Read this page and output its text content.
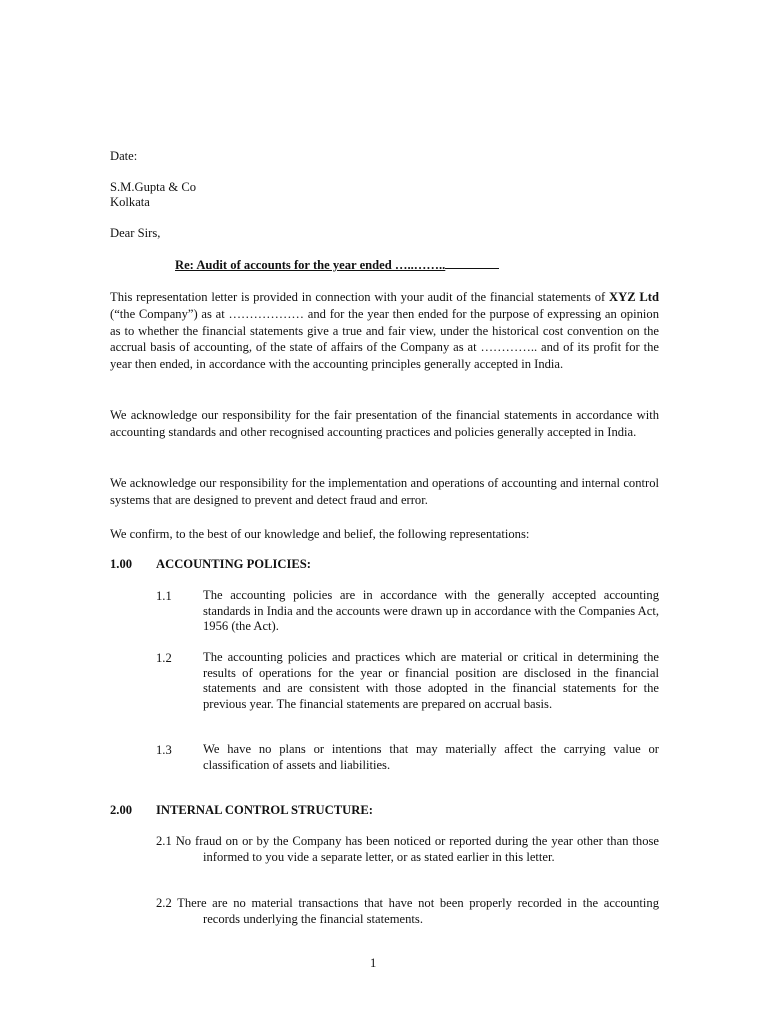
Date:

S.M.Gupta & Co

Kolkata

Dear Sirs,

Re: Audit of accounts for the year ended …..……..

This representation letter is provided in connection with your audit of the financial statements of XYZ Ltd (“the Company”) as at ……………… and for the year then ended for the purpose of expressing an opinion as to whether the financial statements give a true and fair view, under the historical cost convention on the accrual basis of accounting, of the state of affairs of the Company as at ………….. and of its profit for the year then ended, in accordance with the accounting principles generally accepted in India.

We acknowledge our responsibility for the fair presentation of the financial statements in accordance with accounting standards and other recognised accounting practices and policies generally accepted in India.

We acknowledge our responsibility for the implementation and operations of accounting and internal control systems that are designed to prevent and detect fraud and error.

We confirm, to the best of our knowledge and belief, the following representations:

1.00 ACCOUNTING POLICIES:
1.1 The accounting policies are in accordance with the generally accepted accounting standards in India and the accounts were drawn up in accordance with the Companies Act, 1956 (the Act).

1.2 The accounting policies and practices which are material or critical in determining the results of operations for the year or financial position are disclosed in the financial statements and are consistent with those adopted in the financial statements for the previous year. The financial statements are prepared on accrual basis.

1.3 We have no plans or intentions that may materially affect the carrying value or classification of assets and liabilities.

2.00 INTERNAL CONTROL STRUCTURE:

2.1 No fraud on or by the Company has been noticed or reported during the year other than those informed to you vide a separate letter, or as stated earlier in this letter.

2.2 There are no material transactions that have not been properly recorded in the accounting records underlying the financial statements.

1
